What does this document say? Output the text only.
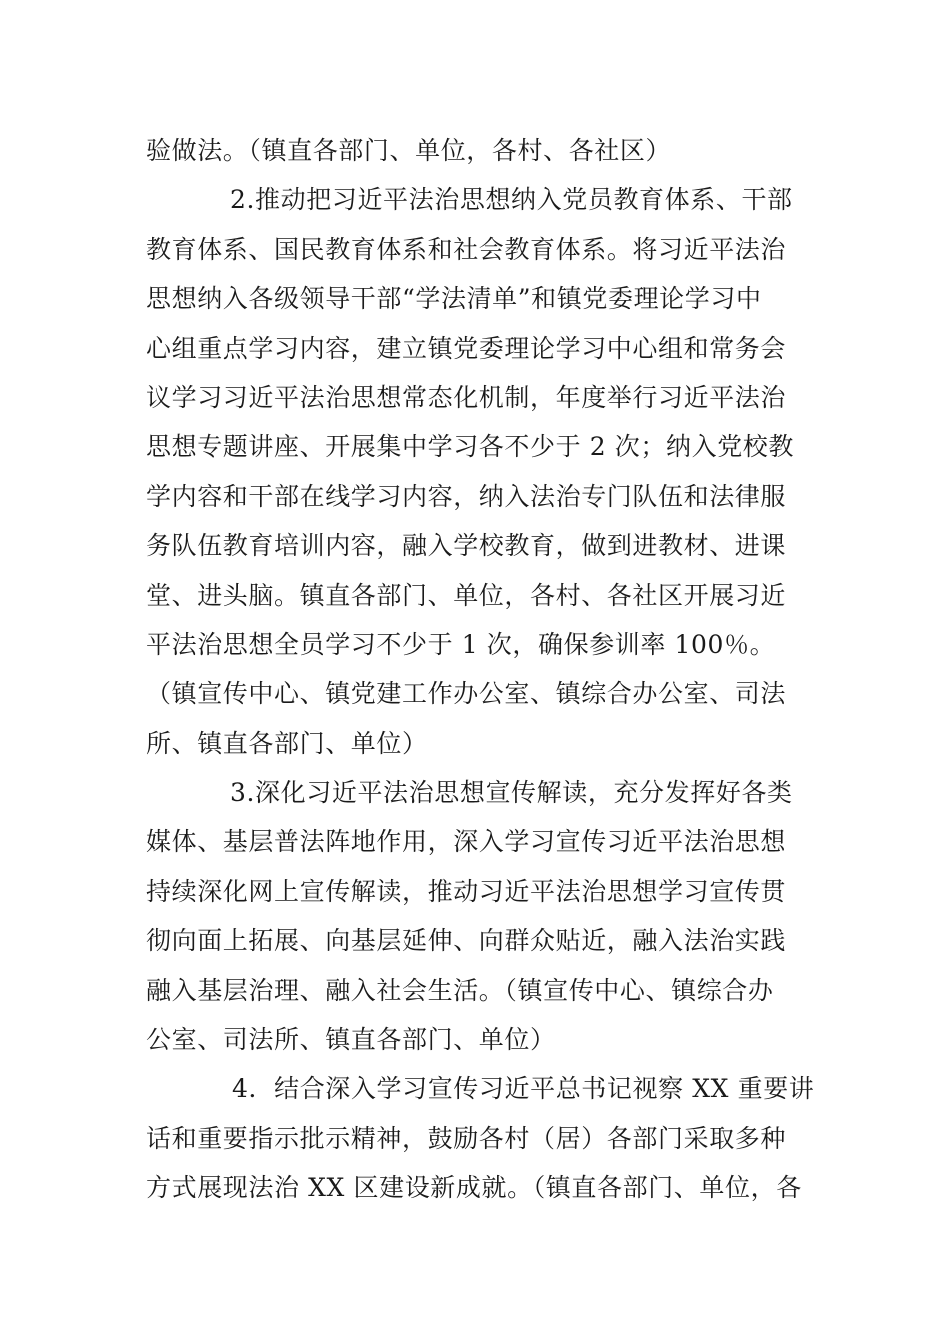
验做法。（镇直各部门、单位，各村、各社区）
2.推动把习近平法治思想纳入党员教育体系、干部
教育体系、国民教育体系和社会教育体系。将习近平法治
思想纳入各级领导干部“学法清单”和镇党委理论学习中
心组重点学习内容，建立镇党委理论学习中心组和常务会
议学习习近平法治思想常态化机制，年度举行习近平法治
思想专题讲座、开展集中学习各不少于 2 次；纳入党校教
学内容和干部在线学习内容，纳入法治专门队伍和法律服
务队伍教育培训内容，融入学校教育，做到进教材、进课
堂、进头脑。镇直各部门、单位，各村、各社区开展习近
平法治思想全员学习不少于 1 次，确保参训率 100％。
（镇宣传中心、镇党建工作办公室、镇综合办公室、司法
所、镇直各部门、单位）
3.深化习近平法治思想宣传解读，充分发挥好各类
媒体、基层普法阵地作用，深入学习宣传习近平法治思想
持续深化网上宣传解读，推动习近平法治思想学习宣传贯
彻向面上拓展、向基层延伸、向群众贴近，融入法治实践
融入基层治理、融入社会生活。（镇宣传中心、镇综合办
公室、司法所、镇直各部门、单位）
4．结合深入学习宣传习近平总书记视察 XX 重要讲
话和重要指示批示精神，鼓励各村（居）各部门采取多种
方式展现法治 XX 区建设新成就。（镇直各部门、单位，各
